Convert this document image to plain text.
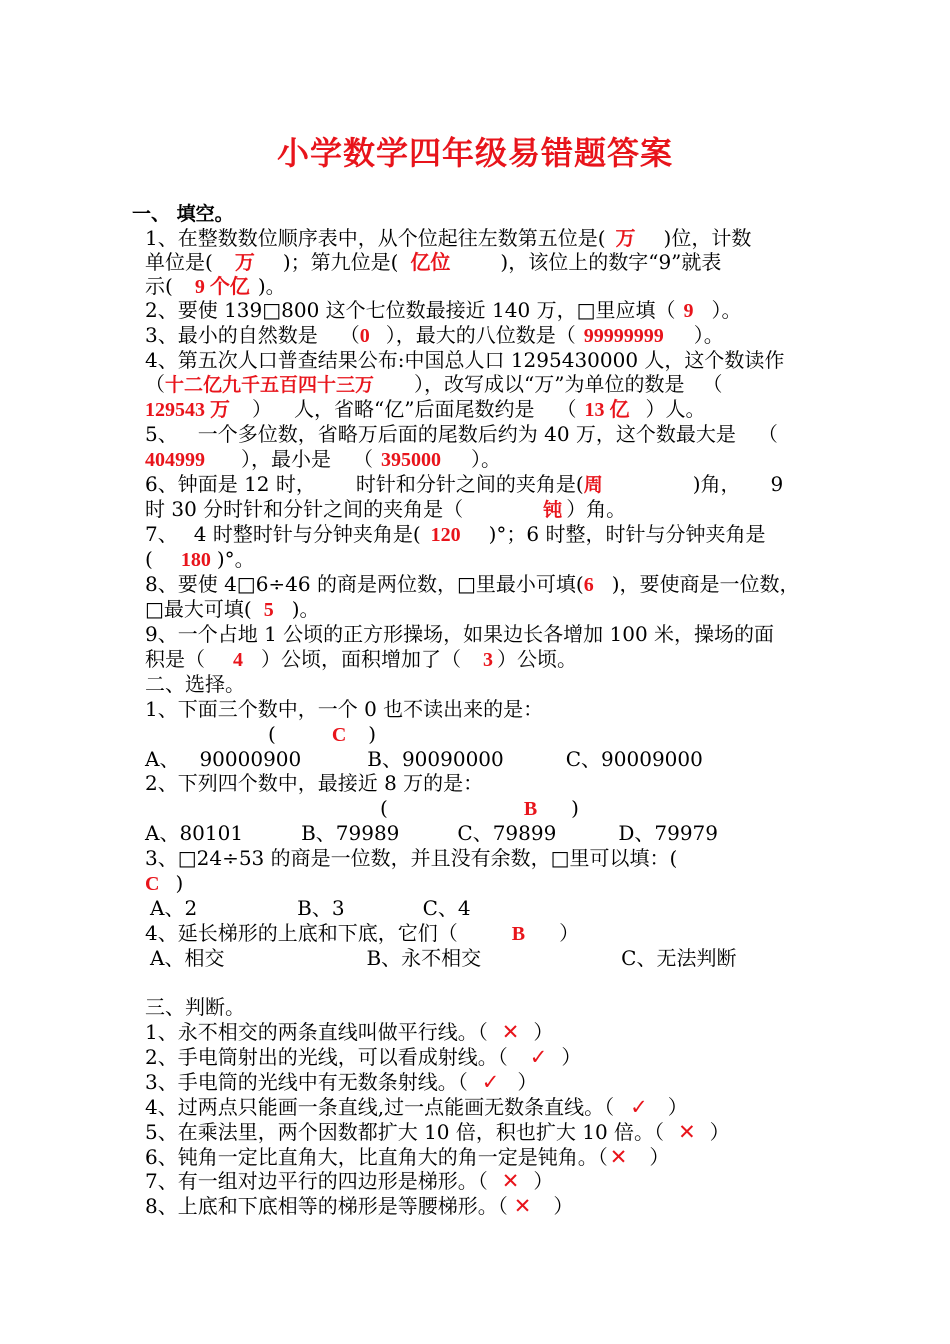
小学数学四年级易错题答案
一、 填空。
1、在整数数位顺序表中，从个位起往左数第五位是( 万 )位，计数
单位是( 万 )；第九位是( 亿位	)，该位上的数字“9”就表
示( 9 个亿 )。
2、要使 139□800 这个七位数最接近 140 万，□里应填（ 9 ）。
3、最小的自然数是 （0 ），最大的八位数是（ 99999999 ）。
4、第五次人口普查结果公布:中国总人口 1295430000 人，这个数读作
（十二亿九千五百四十三万 ），改写成以“万”为单位的数是 （
129543 万 ） 人，省略“亿”后面尾数约是 （ 13 亿 ）人。
5、 一个多位数，省略万后面的尾数后约为 40 万，这个数最大是 （
404999 ），最小是 （ 395000 ）。
6、钟面是 12 时， 时针和分针之间的夹角是(周	)角， 9
时 30 分时针和分针之间的夹角是（	钝 ）角。
7、 4 时整时针与分钟夹角是( 120 )°；6 时整，时针与分钟夹角是
( 180 )°。
8、要使 4□6÷46 的商是两位数，□里最小可填(6 )，要使商是一位数，
□最大可填( 5 )。
9、一个占地 1 公顷的正方形操场，如果边长各增加 100 米，操场的面
积是（ 4 ）公顷，面积增加了（ 3 ）公顷。
二、选择。
1、下面三个数中，一个 0 也不读出来的是：
(	C )
A、 90000900	B、90090000	C、90009000
2、下列四个数中，最接近 8 万的是：
(	B )
A、80101	B、79989	C、79899	D、79979
3、□24÷53 的商是一位数，并且没有余数，□里可以填：(
C )
A、2	B、3	C、4
4、延长梯形的上底和下底，它们（	B ）
A、相交	B、永不相交	C、无法判断
三、判断。
1、永不相交的两条直线叫做平行线。（ ✕ ）
2、手电筒射出的光线，可以看成射线。（ ✓ ）
3、手电筒的光线中有无数条射线。（ ✓ ）
4、过两点只能画一条直线,过一点能画无数条直线。（ ✓ ）
5、在乘法里，两个因数都扩大 10 倍，积也扩大 10 倍。（ ✕ ）
6、钝角一定比直角大，比直角大的角一定是钝角。（✕ ）
7、有一组对边平行的四边形是梯形。（ ✕ ）
8、上底和下底相等的梯形是等腰梯形。（ ✕ ）
